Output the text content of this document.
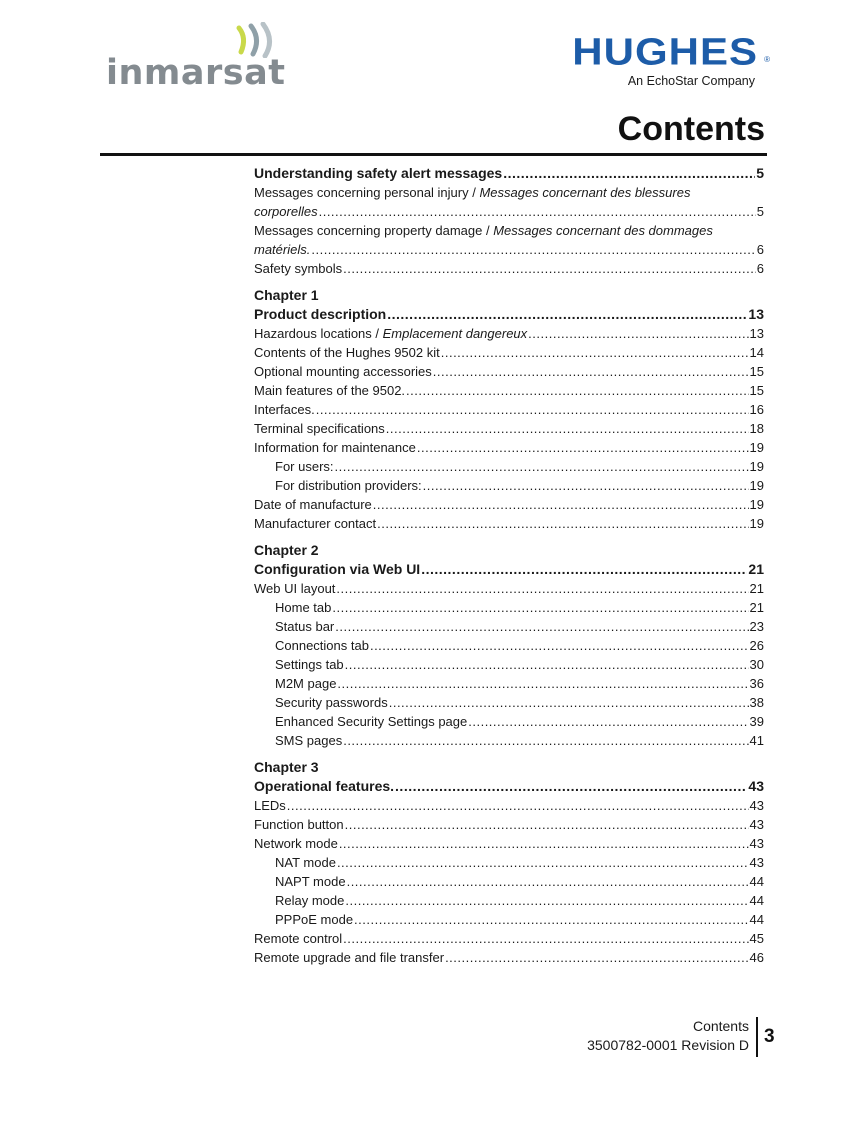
inmarsat
HUGHES ®
An EchoStar Company
Contents
Understanding safety alert messages .....	5
Messages concerning personal injury / Messages concernant des blessures
corporelles .....	5
Messages concerning property damage / Messages concernant des dommages
matériels. .....	6
Safety symbols .....	6
Chapter 1
Product description .....	13
Hazardous locations / Emplacement dangereux .....	13
Contents of the Hughes 9502 kit .....	14
Optional mounting accessories .....	15
Main features of the 9502. .....	15
Interfaces. .....	16
Terminal specifications .....	18
Information for maintenance .....	19
For users: .....	19
For distribution providers: .....	19
Date of manufacture .....	19
Manufacturer contact .....	19
Chapter 2
Configuration via Web UI .....	21
Web UI layout .....	21
Home tab .....	21
Status bar .....	23
Connections tab .....	26
Settings tab .....	30
M2M page .....	36
Security passwords .....	38
Enhanced Security Settings page .....	39
SMS pages .....	41
Chapter 3
Operational features. .....	43
LEDs .....	43
Function button .....	43
Network mode .....	43
NAT mode .....	43
NAPT mode .....	44
Relay mode .....	44
PPPoE mode .....	44
Remote control .....	45
Remote upgrade and file transfer .....	46
Contents
3500782-0001 Revision D 3
